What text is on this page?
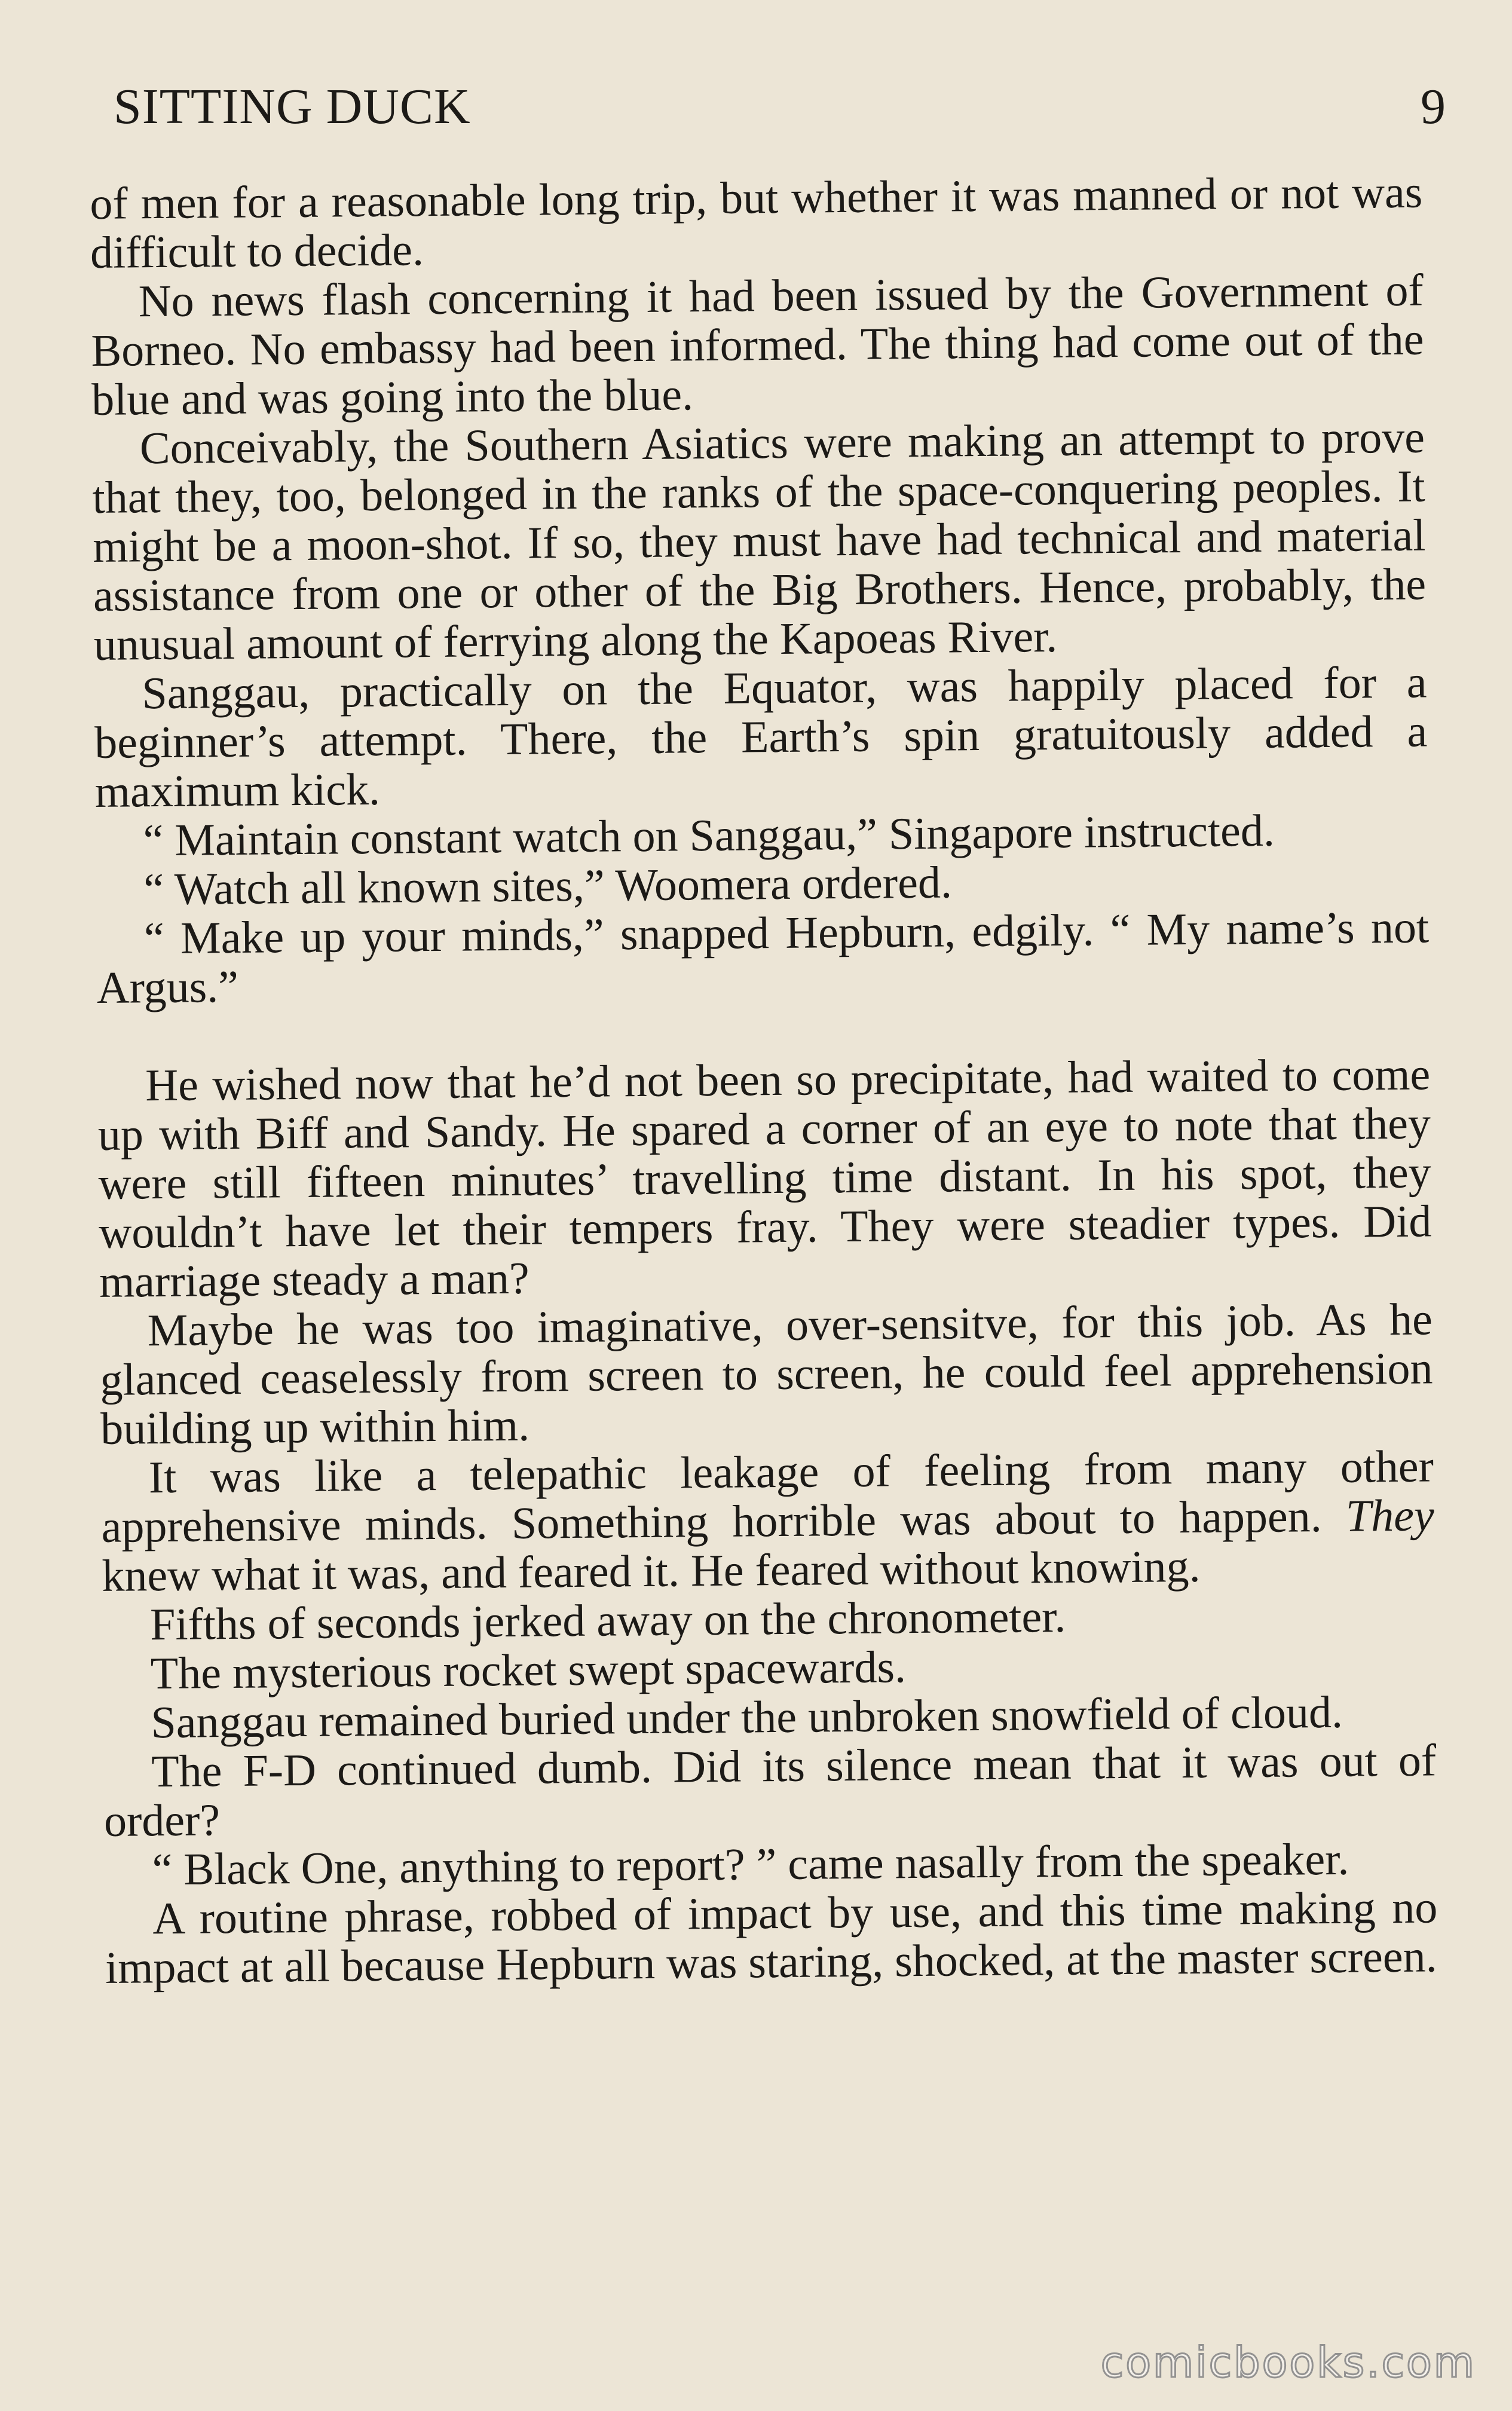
SITTING DUCK	9

of men for a reasonable long trip, but whether it was manned or not was difficult to decide.

No news flash concerning it had been issued by the Government of Borneo. No embassy had been informed. The thing had come out of the blue and was going into the blue.

Conceivably, the Southern Asiatics were making an attempt to prove that they, too, belonged in the ranks of the space-conquering peoples. It might be a moon-shot. If so, they must have had technical and material assistance from one or other of the Big Brothers. Hence, probably, the unusual amount of ferrying along the Kapoeas River.

Sanggau, practically on the Equator, was happily placed for a beginner’s attempt. There, the Earth’s spin gratuitously added a maximum kick.

“ Maintain constant watch on Sanggau,” Singapore instructed.

“ Watch all known sites,” Woomera ordered.

“ Make up your minds,” snapped Hepburn, edgily. “ My name’s not Argus.”

He wished now that he’d not been so precipitate, had waited to come up with Biff and Sandy. He spared a corner of an eye to note that they were still fifteen minutes’ travelling time distant. In his spot, they wouldn’t have let their tempers fray. They were steadier types. Did marriage steady a man?

Maybe he was too imaginative, over-sensitve, for this job. As he glanced ceaselessly from screen to screen, he could feel apprehension building up within him.

It was like a telepathic leakage of feeling from many other apprehensive minds. Something horrible was about to happen. They knew what it was, and feared it. He feared without knowing.

Fifths of seconds jerked away on the chronometer.

The mysterious rocket swept spacewards.

Sanggau remained buried under the unbroken snowfield of cloud.

The F-D continued dumb. Did its silence mean that it was out of order?

“ Black One, anything to report? ” came nasally from the speaker.

A routine phrase, robbed of impact by use, and this time making no impact at all because Hepburn was staring, shocked, at the master screen.

comicbooks.com
